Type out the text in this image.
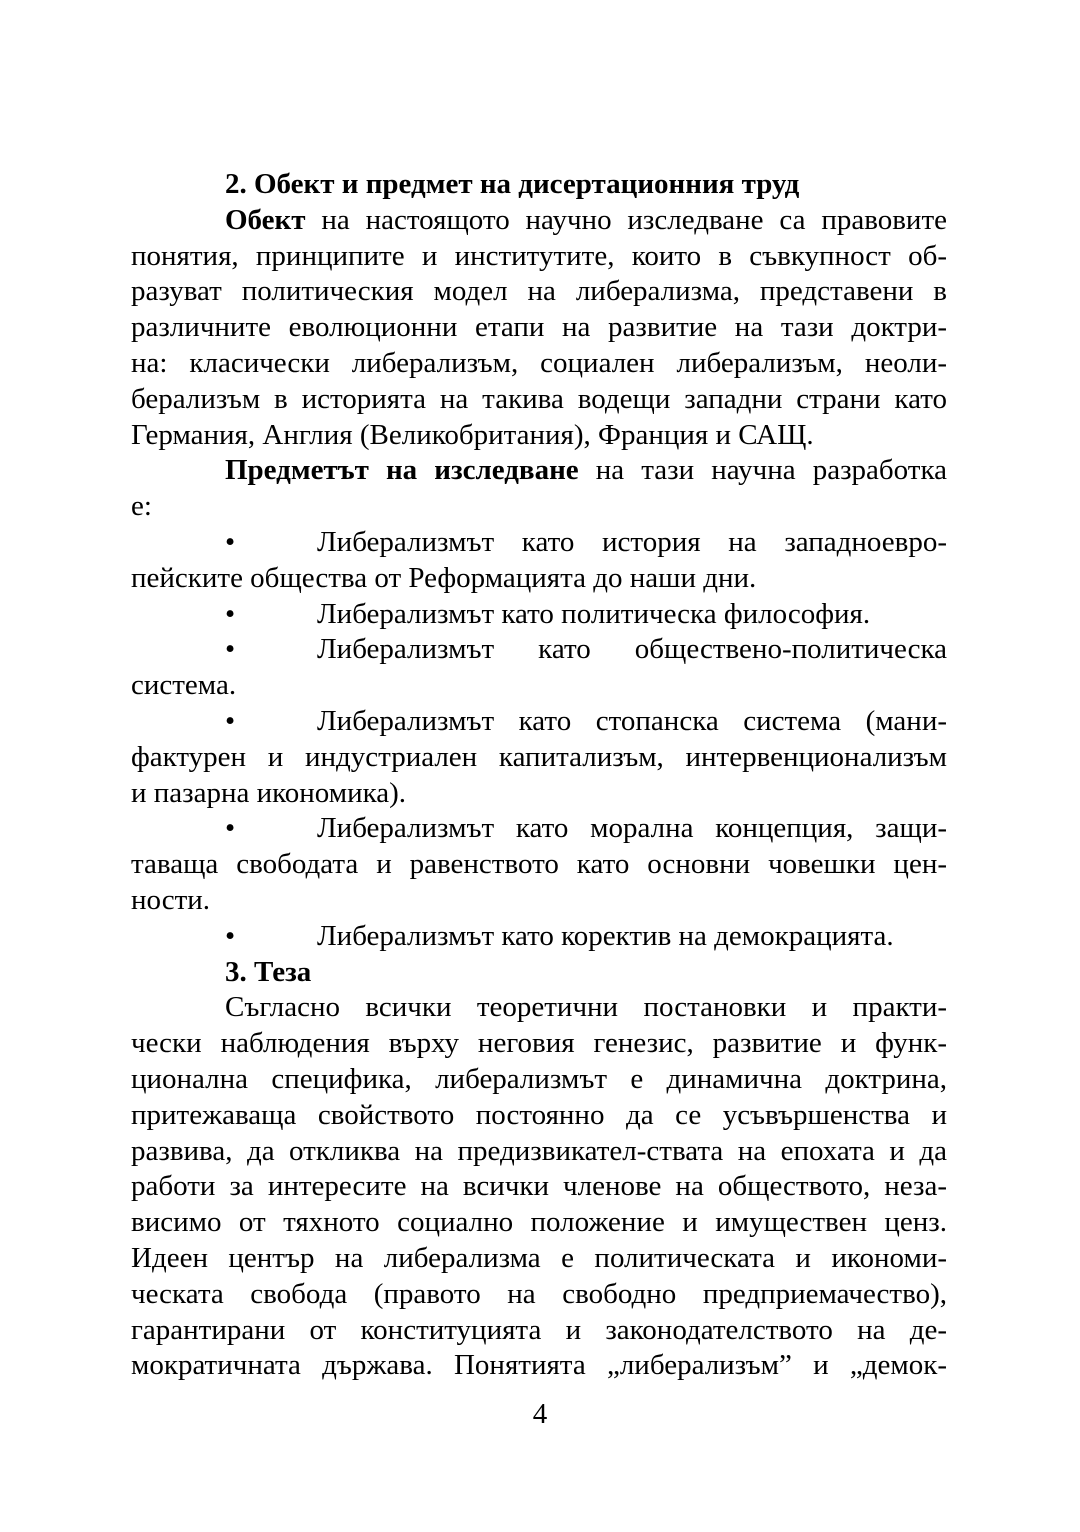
2. Обект и предмет на дисертационния труд
Обект на настоящото научно изследване са правовите
понятия, принципите и институтите, които в съвкупност об-
разуват политическия модел на либерализма, представени в
различните еволюционни етапи на развитие на тази доктри-
на: класически либерализъм, социален либерализъм, неоли-
берализъм в историята на такива водещи западни страни като
Германия, Англия (Великобритания), Франция и САЩ.
Предметът на изследване на тази научна разработка
е:
•	Либерализмът като история на западноевро-
пейските общества от Реформацията до наши дни.
•	Либерализмът като политическа философия.
•	Либерализмът като обществено-политическа
система.
•	Либерализмът като стопанска система (мани-
фактурен и индустриален капитализъм, интервенционализъм
и пазарна икономика).
•	Либерализмът като морална концепция, защи-
таваща свободата и равенството като основни човешки цен-
ности.
•	Либерализмът като коректив на демокрацията.
3. Теза
Съгласно всички теоретични постановки и практи-
чески наблюдения върху неговия генезис, развитие и функ-
ционална специфика, либерализмът е динамична доктрина,
притежаваща свойството постоянно да се усъвършенства и
развива, да откликва на предизвикател-ствата на епохата и да
работи за интересите на всички членове на обществото, неза-
висимо от тяхното социално положение и имуществен ценз.
Идеен център на либерализма е политическата и икономи-
ческата свобода (правото на свободно предприемачество),
гарантирани от конституцията и законодателството на де-
мократичната държава. Понятията „либерализъм” и „демок-
4
